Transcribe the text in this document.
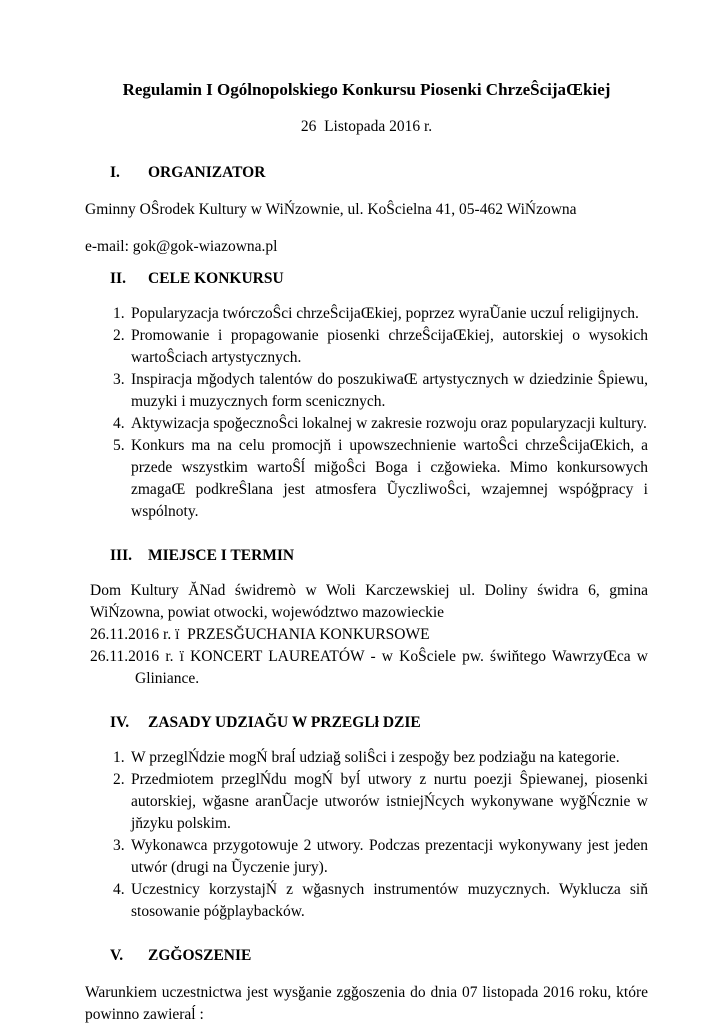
Regulamin I Ogólnopolskiego Konkursu Piosenki ChrzeŜcijaŒkiej
26  Listopada 2016 r.
I. ORGANIZATOR
Gminny OŜrodek Kultury w WiŃzownie, ul. KoŜcielna 41, 05-462 WiŃzowna
e-mail: gok@gok-wiazowna.pl
II. CELE KONKURSU
1. Popularyzacja twórczoŜci chrzeŜcijaŒkiej, poprzez wyraŨanie uczuĺ religijnych.
2. Promowanie i propagowanie piosenki chrzeŜcijaŒkiej, autorskiej o wysokich wartoŜciach artystycznych.
3. Inspiracja mğodych talentów do poszukiwaŒ artystycznych w dziedzinie Ŝpiewu, muzyki i muzycznych form scenicznych.
4. Aktywizacja spoğecznoŜci lokalnej w zakresie rozwoju oraz popularyzacji kultury.
5. Konkurs ma na celu promocjň i upowszechnienie wartoŜci chrzeŜcijaŒkich, a przede wszystkim wartoŜĺ miğoŜci Boga i czğowieka. Mimo konkursowych zmagaŒ podkreŜlana jest atmosfera ŨyczliwoŜci, wzajemnej wspóğpracy i wspólnoty.
III. MIEJSCE I TERMIN
Dom Kultury ĂNad świdremò w Woli Karczewskiej ul. Doliny świdra 6, gmina WiŃzowna, powiat otwocki, województwo mazowieckie
26.11.2016 r. ï  PRZESĞUCHANIA KONKURSOWE
26.11.2016 r. ï KONCERT LAUREATÓW - w KoŜciele pw. świňtego WawrzyŒca w
Gliniance.
IV. ZASADY UDZIAĞU W PRZEGLł DZIE
1. W przeglŃdzie mogŃ braĺ udziağ soliŜci i zespoğy bez podziağu na kategorie.
2. Przedmiotem przeglŃdu mogŃ byĺ utwory z nurtu poezji Ŝpiewanej, piosenki autorskiej, wğasne aranŨacje utworów istniejŃcych wykonywane wyğŃcznie w jňzyku polskim.
3. Wykonawca przygotowuje 2 utwory. Podczas prezentacji wykonywany jest jeden utwór (drugi na Ũyczenie jury).
4. Uczestnicy korzystajŃ z wğasnych instrumentów muzycznych. Wyklucza siň stosowanie póğplaybacków.
V. ZGĞOSZENIE
Warunkiem uczestnictwa jest wysğanie zgğoszenia do dnia 07 listopada 2016 roku, które powinno zawieraĺ :
